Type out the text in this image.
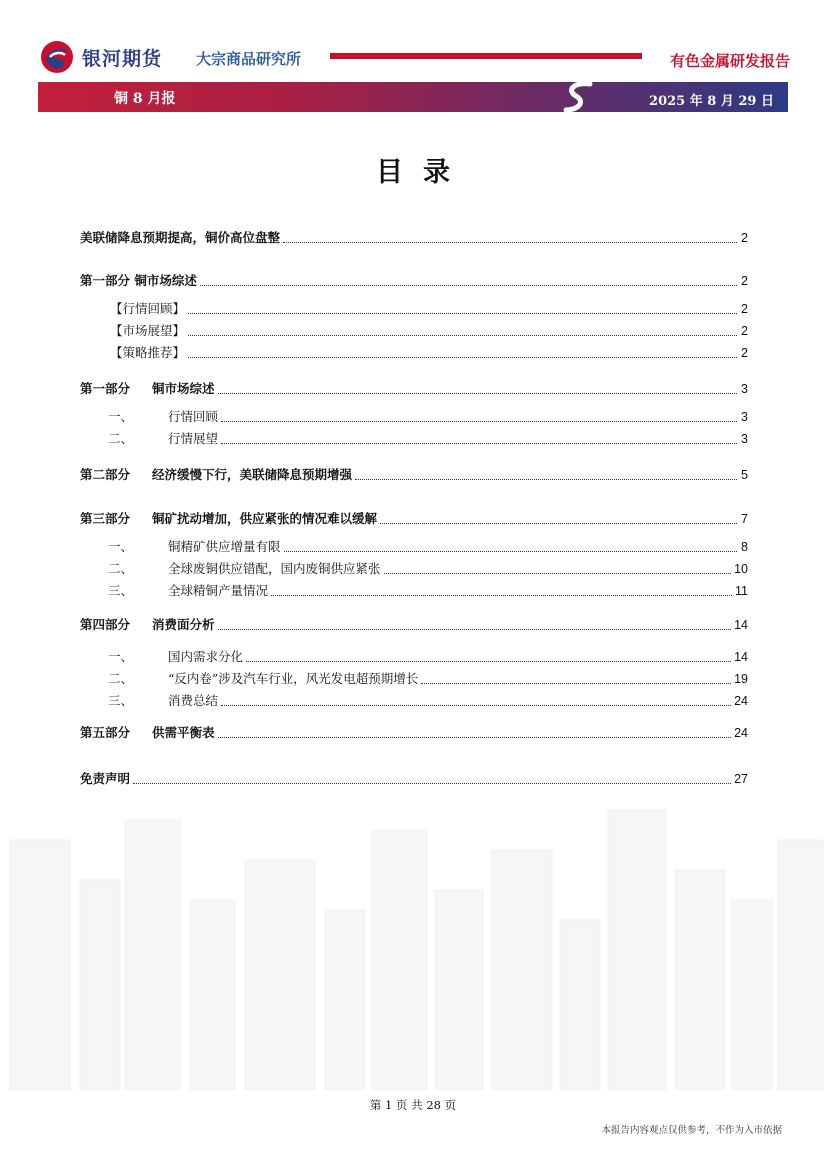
银河期货 大宗商品研究所	有色金属研发报告
铜 8 月报	2025 年 8 月 29 日
目录
美联储降息预期提高，铜价高位盘整	2
第一部分 铜市场综述	2
【行情回顾】	2
【市场展望】	2
【策略推荐】	2
第一部分	铜市场综述	3
一、	行情回顾	3
二、	行情展望	3
第二部分	经济缓慢下行，美联储降息预期增强	5
第三部分	铜矿扰动增加，供应紧张的情况难以缓解	7
一、	铜精矿供应增量有限	8
二、	全球废铜供应错配，国内废铜供应紧张	10
三、	全球精铜产量情况	11
第四部分	消费面分析	14
一、	国内需求分化	14
二、	“反内卷”涉及汽车行业，风光发电超预期增长	19
三、	消费总结	24
第五部分	供需平衡表	24
免责声明	27
第 1 页 共 28 页
本报告内容观点仅供参考，不作为入市依据
